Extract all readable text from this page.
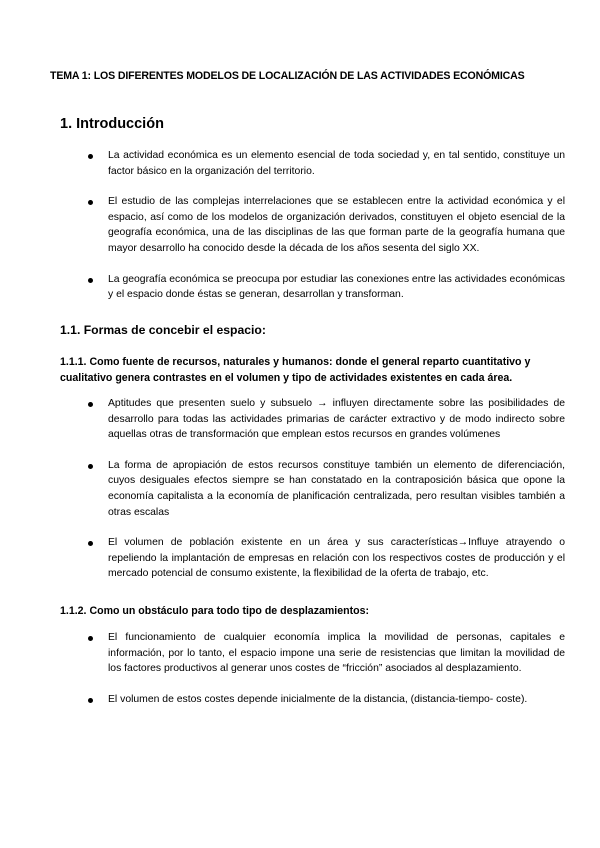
TEMA 1: LOS DIFERENTES MODELOS DE LOCALIZACIÓN DE LAS ACTIVIDADES ECONÓMICAS
1. Introducción
La actividad económica es un elemento esencial de toda sociedad y, en tal sentido, constituye un factor básico en la organización del territorio.
El estudio de las complejas interrelaciones que se establecen entre la actividad económica y el espacio, así como de los modelos de organización derivados, constituyen el objeto esencial de la geografía económica, una de las disciplinas de las que forman parte de la geografía humana que mayor desarrollo ha conocido desde la década de los años sesenta del siglo XX.
La geografía económica se preocupa por estudiar las conexiones entre las actividades económicas y el espacio donde éstas se generan, desarrollan y transforman.
1.1. Formas de concebir el espacio:
1.1.1. Como fuente de recursos, naturales y humanos: donde el general reparto cuantitativo y cualitativo genera contrastes en el volumen y tipo de actividades existentes en cada área.
Aptitudes que presenten suelo y subsuelo → influyen directamente sobre las posibilidades de desarrollo para todas las actividades primarias de carácter extractivo y de modo indirecto sobre aquellas otras de transformación que emplean estos recursos en grandes volúmenes
La forma de apropiación de estos recursos constituye también un elemento de diferenciación, cuyos desiguales efectos siempre se han constatado en la contraposición básica que opone la economía capitalista a la economía de planificación centralizada, pero resultan visibles también a otras escalas
El volumen de población existente en un área y sus características→Influye atrayendo o repeliendo la implantación de empresas en relación con los respectivos costes de producción y el mercado potencial de consumo existente, la flexibilidad de la oferta de trabajo, etc.
1.1.2. Como un obstáculo para todo tipo de desplazamientos:
El funcionamiento de cualquier economía implica la movilidad de personas, capitales e información, por lo tanto, el espacio impone una serie de resistencias que limitan la movilidad de los factores productivos al generar unos costes de “fricción” asociados al desplazamiento.
El volumen de estos costes depende inicialmente de la distancia, (distancia-tiempo- coste).
